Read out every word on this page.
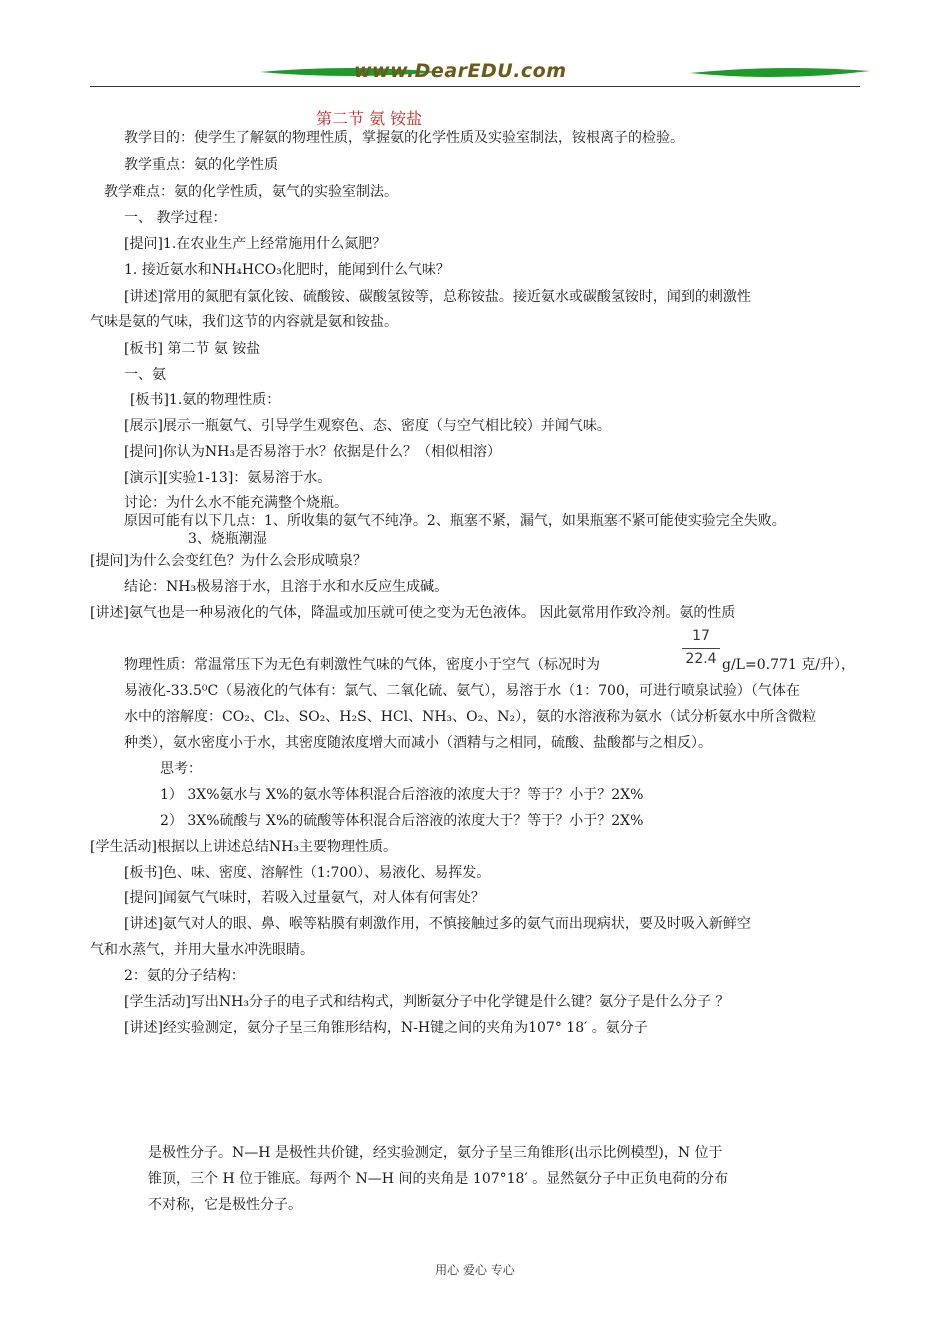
www.DearEDU.com
第二节 氨 铵盐
教学目的：使学生了解氨的物理性质，掌握氨的化学性质及实验室制法，铵根离子的检验。
教学重点：氨的化学性质
教学难点：氨的化学性质，氨气的实验室制法。
一、 教学过程：
[提问]1.在农业生产上经常施用什么氮肥？
1. 接近氨水和NH₄HCO₃化肥时，能闻到什么气味？
[讲述]常用的氮肥有氯化铵、硫酸铵、碳酸氢铵等，总称铵盐。接近氨水或碳酸氢铵时，闻到的刺激性
气味是氨的气味，我们这节的内容就是氨和铵盐。
[板书] 第二节 氨 铵盐
一、氨
[板书]1.氨的物理性质：
[展示]展示一瓶氨气、引导学生观察色、态、密度（与空气相比较）并闻气味。
[提问]你认为NH₃是否易溶于水？依据是什么？（相似相溶）
[演示][实验1-13]：氨易溶于水。
讨论：为什么水不能充满整个烧瓶。
原因可能有以下几点：1、所收集的氨气不纯净。2、瓶塞不紧，漏气，如果瓶塞不紧可能使实验完全失败。
3、烧瓶潮湿
[提问]为什么会变红色？为什么会形成喷泉？
结论：NH₃极易溶于水，且溶于水和水反应生成碱。
[讲述]氨气也是一种易液化的气体，降温或加压就可使之变为无色液体。 因此氨常用作致冷剂。氨的性质
17
22.4
物理性质：常温常压下为无色有刺激性气味的气体，密度小于空气（标况时为	g/L=0.771 克/升），
易液化-33.5⁰C（易液化的气体有：氯气、二氧化硫、氨气），易溶于水（1：700，可进行喷泉试验）（气体在
水中的溶解度：CO₂、Cl₂、SO₂、H₂S、HCl、NH₃、O₂、N₂），氨的水溶液称为氨水（试分析氨水中所含微粒
种类），氨水密度小于水，其密度随浓度增大而减小（酒精与之相同，硫酸、盐酸都与之相反）。
思考：
1） 3X%氨水与 X%的氨水等体积混合后溶液的浓度大于？等于？小于？2X%
2） 3X%硫酸与 X%的硫酸等体积混合后溶液的浓度大于？等于？小于？2X%
[学生活动]根据以上讲述总结NH₃主要物理性质。
[板书]色、味、密度、溶解性（1:700）、易液化、易挥发。
[提问]闻氨气气味时，若吸入过量氨气，对人体有何害处？
[讲述]氨气对人的眼、鼻、喉等粘膜有刺激作用，不慎接触过多的氨气而出现病状，要及时吸入新鲜空
气和水蒸气，并用大量水冲洗眼睛。
2：氨的分子结构：
[学生活动]写出NH₃分子的电子式和结构式，判断氨分子中化学键是什么键？氨分子是什么分子 ？
[讲述]经实验测定，氨分子呈三角锥形结构，N-H键之间的夹角为107° 18′ 。氨分子
是极性分子。N—H 是极性共价键，经实验测定，氨分子呈三角锥形(出示比例模型)，N 位于
锥顶，三个 H 位于锥底。每两个 N—H 间的夹角是 107°18′ 。显然氨分子中正负电荷的分布
不对称，它是极性分子。
用心 爱心 专心
